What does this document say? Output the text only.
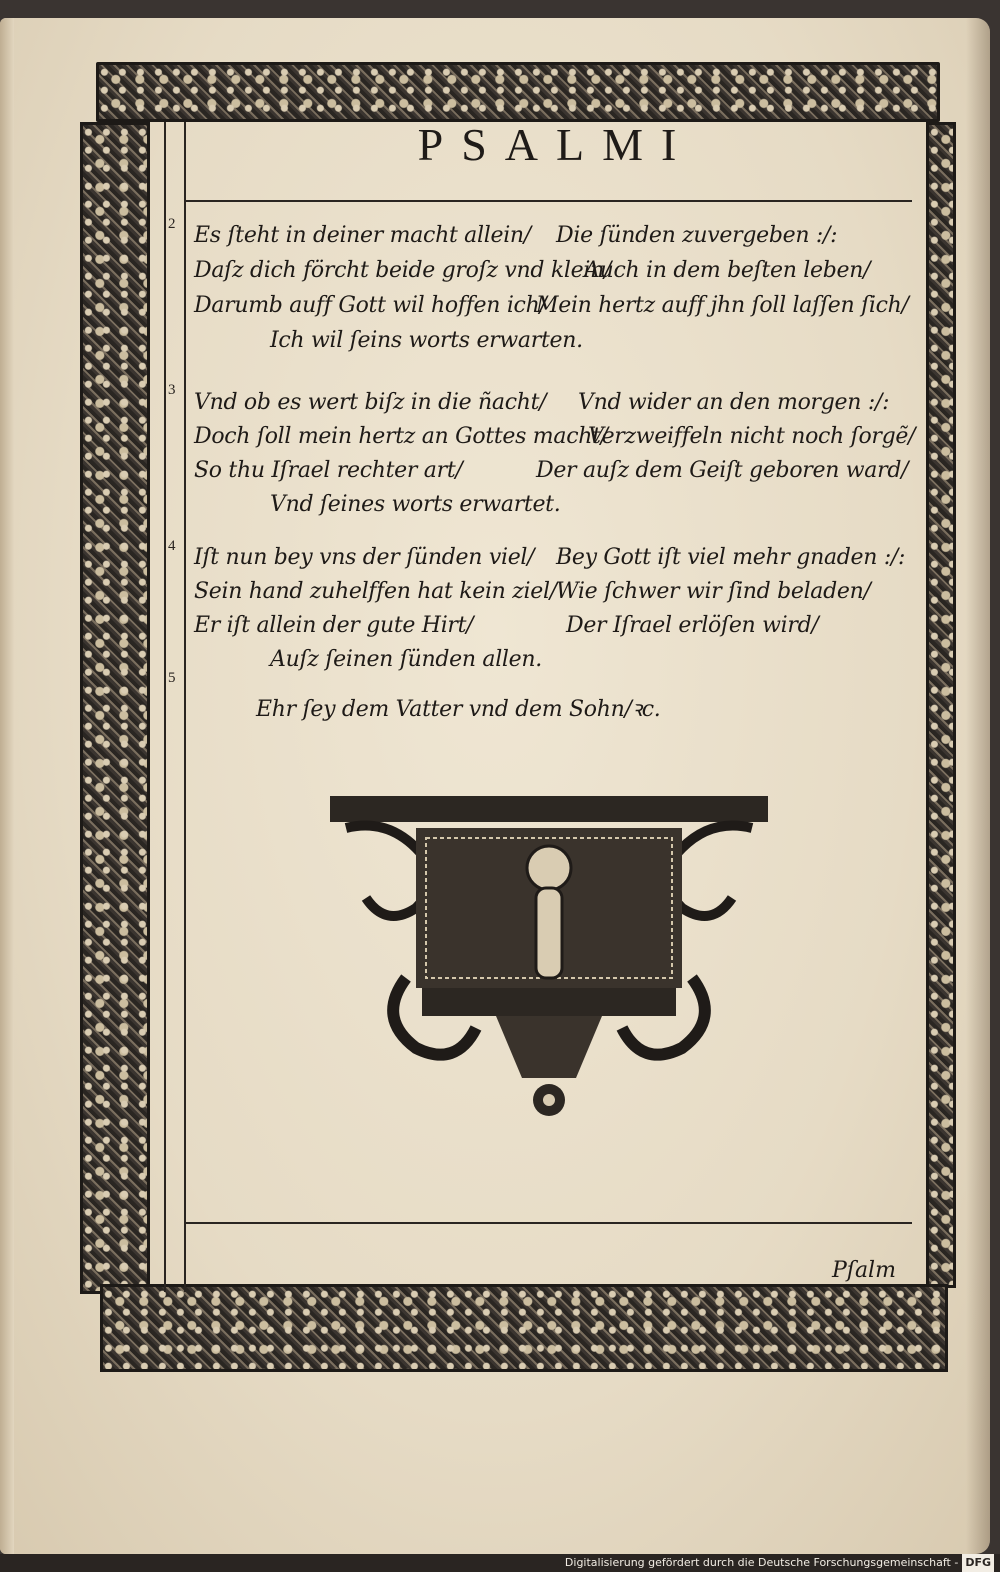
PSALMI
2
3
4
5
Es ſteht in deiner macht allein/ Die ſünden zuvergeben :/:
Daſz dich förcht beide groſz vnd klein/
Auch in dem beſten leben/
Darumb auff Gott wil hoffen ich/
Mein hertz auff jhn ſoll laſſen ſich/
Ich wil ſeins worts erwarten.
Vnd ob es wert biſz in die ñacht/ Vnd wider an den morgen :/:
Doch ſoll mein hertz an Gottes macht/
Verzweiffeln nicht noch ſorgẽ/
So thu Iſrael rechter art/	Der auſz dem Geiſt geboren ward/
Vnd ſeines worts erwartet.
Iſt nun bey vns der ſünden viel/ Bey Gott iſt viel mehr gnaden :/:
Sein hand zuhelffen hat kein ziel/ Wie ſchwer wir ſind beladen/
Er iſt allein der gute Hirt/	Der Iſrael erlöſen wird/
Auſz ſeinen ſünden allen.
Ehr ſey dem Vatter vnd dem Sohn/ꝛc.
Pſalm
Digitalisierung gefördert durch die Deutsche Forschungsgemeinschaft - DFG
